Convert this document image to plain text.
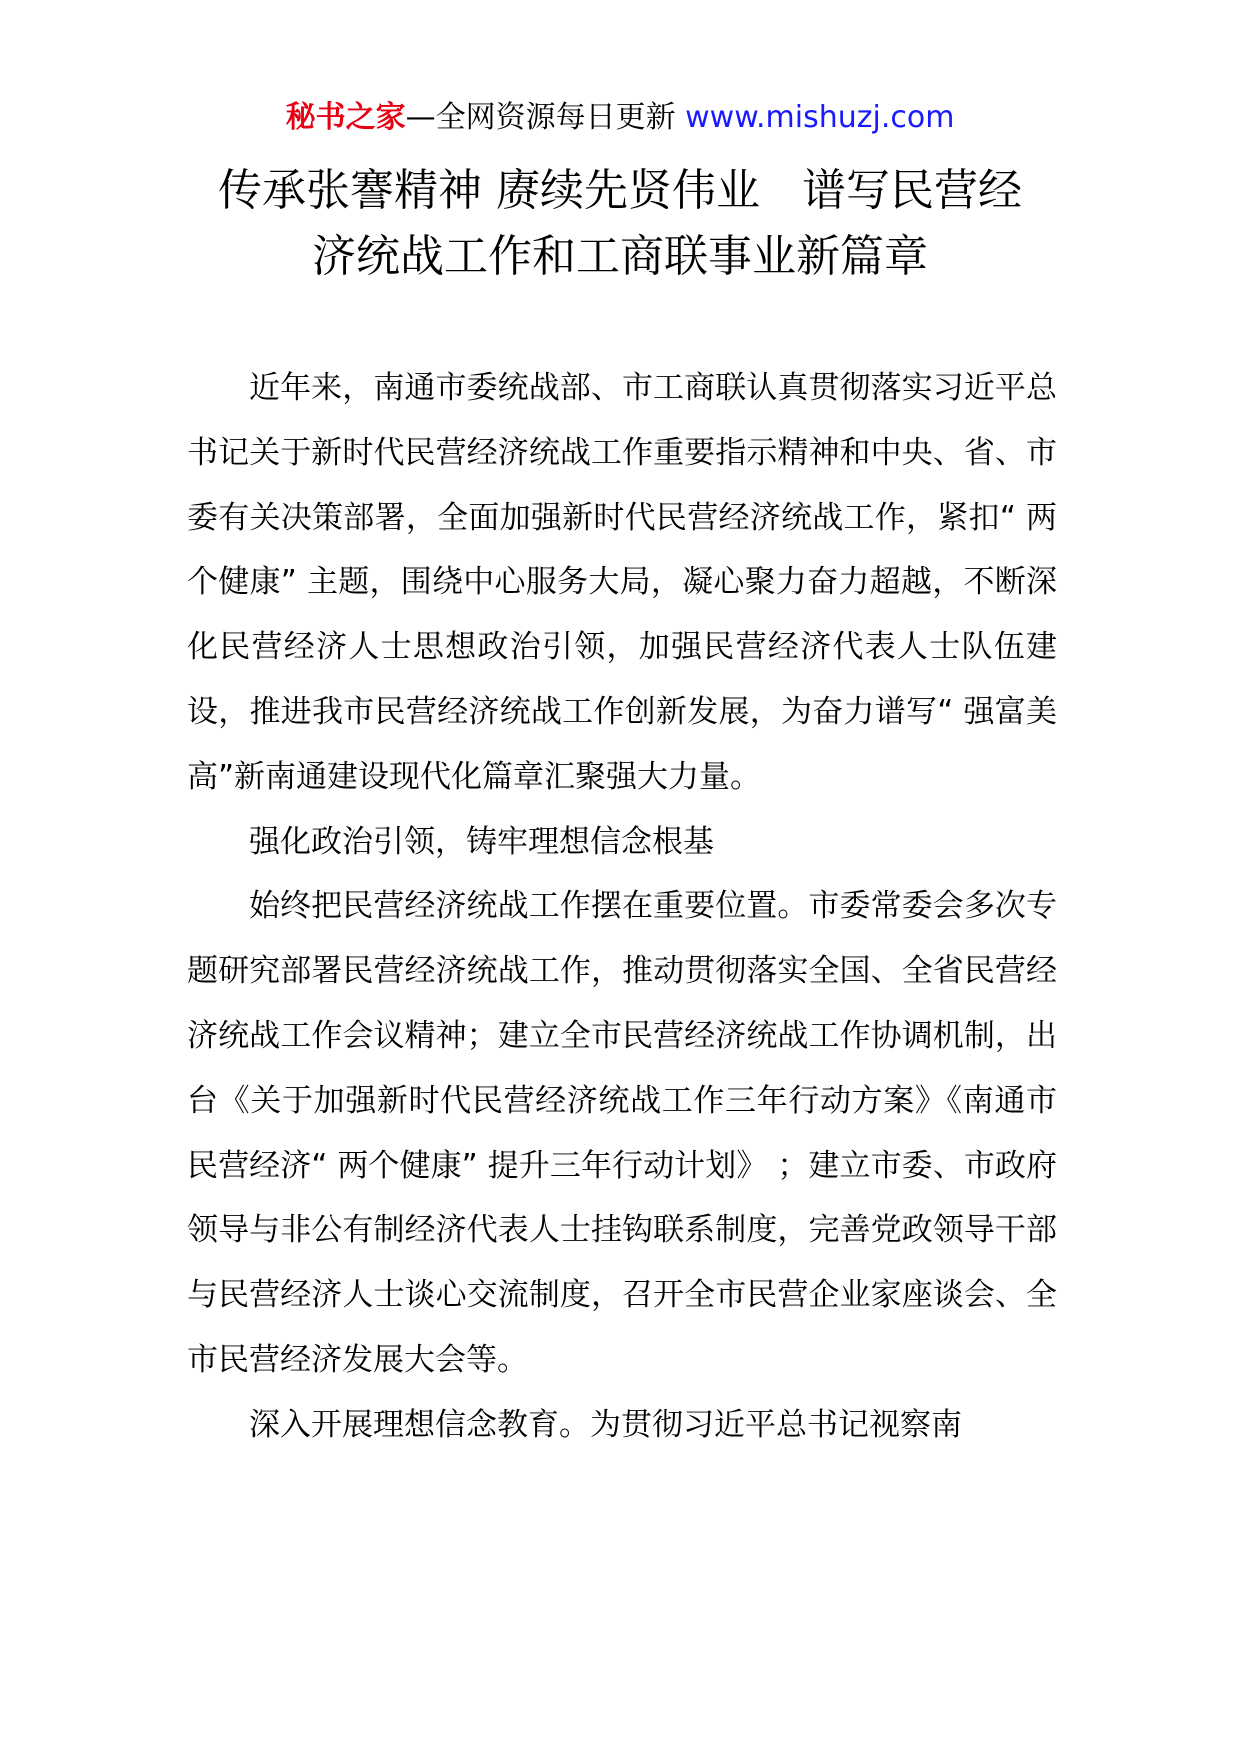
秘书之家—全网资源每日更新 www.mishuzj.com
传承张謇精神 赓续先贤伟业   谱写民营经
济统战工作和工商联事业新篇章

近年来，南通市委统战部、市工商联认真贯彻落实习近平总书记关于新时代民营经济统战工作重要指示精神和中央、省、市委有关决策部署，全面加强新时代民营经济统战工作，紧扣“ 两个健康” 主题，围绕中心服务大局，凝心聚力奋力超越，不断深化民营经济人士思想政治引领，加强民营经济代表人士队伍建设，推进我市民营经济统战工作创新发展，为奋力谱写“ 强富美高”新南通建设现代化篇章汇聚强大力量。

强化政治引领，铸牢理想信念根基

始终把民营经济统战工作摆在重要位置。市委常委会多次专题研究部署民营经济统战工作，推动贯彻落实全国、全省民营经济统战工作会议精神；建立全市民营经济统战工作协调机制，出台《关于加强新时代民营经济统战工作三年行动方案》《南通市民营经济“ 两个健康” 提升三年行动计划》 ；建立市委、市政府领导与非公有制经济代表人士挂钩联系制度，完善党政领导干部与民营经济人士谈心交流制度，召开全市民营企业家座谈会、全市民营经济发展大会等。

深入开展理想信念教育。为贯彻习近平总书记视察南
